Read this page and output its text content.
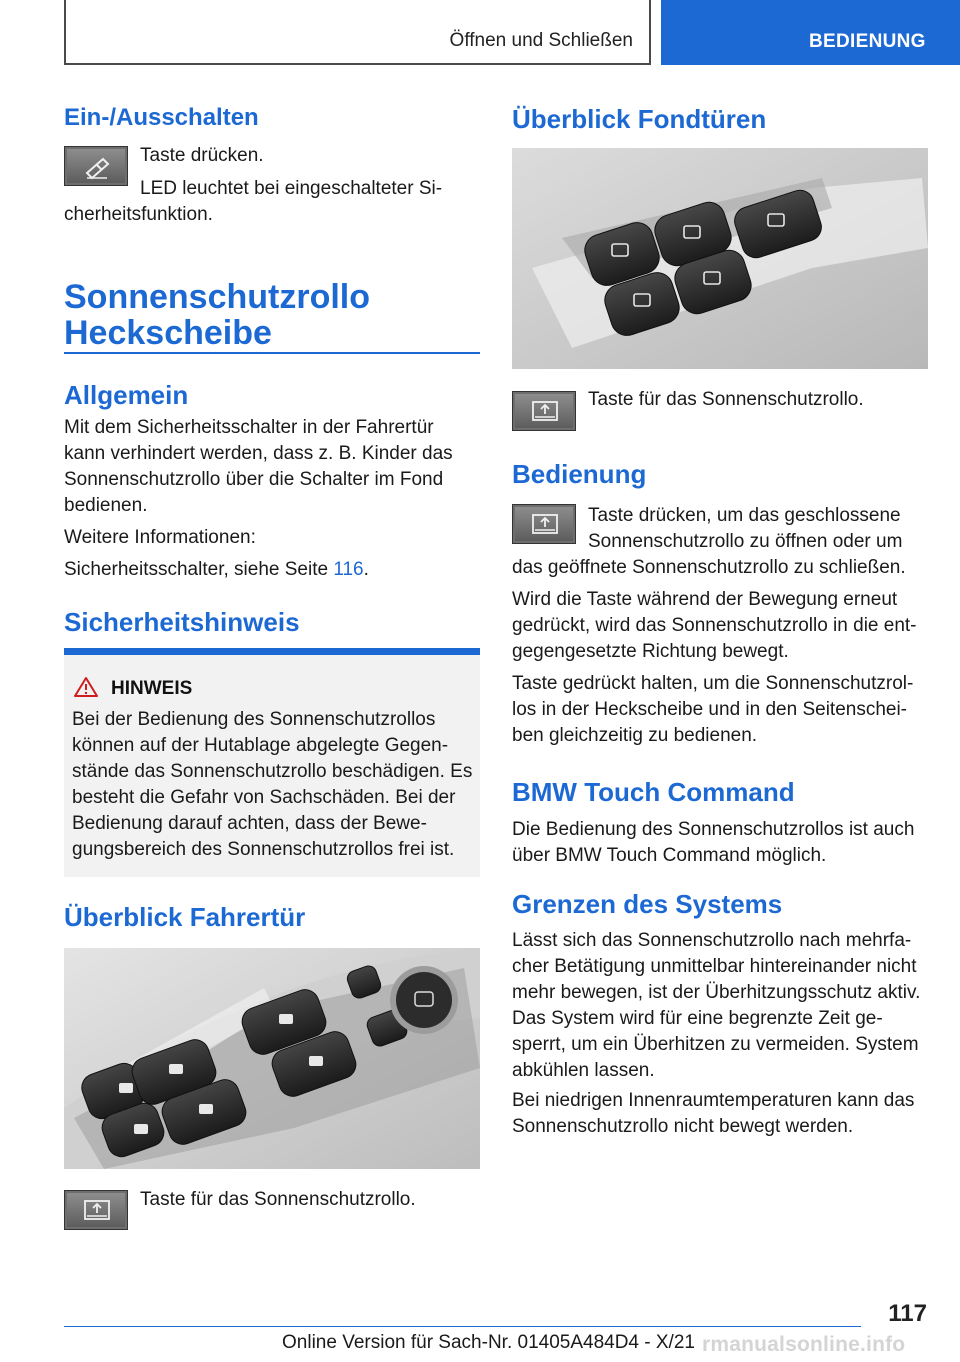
Öffnen und Schließen	BEDIENUNG
Ein-/Ausschalten
Taste drücken.
LED leuchtet bei eingeschalteter Si-
cherheitsfunktion.
Sonnenschutzrollo
Heckscheibe
Allgemein
Mit dem Sicherheitsschalter in der Fahrertür
kann verhindert werden, dass z. B. Kinder das
Sonnenschutzrollo über die Schalter im Fond
bedienen.
Weitere Informationen:
Sicherheitsschalter, siehe Seite 116.
Sicherheitshinweis
HINWEIS
Bei der Bedienung des Sonnenschutzrollos
können auf der Hutablage abgelegte Gegen-
stände das Sonnenschutzrollo beschädigen. Es
besteht die Gefahr von Sachschäden. Bei der
Bedienung darauf achten, dass der Bewe-
gungsbereich des Sonnenschutzrollos frei ist.
Überblick Fahrertür
Taste für das Sonnenschutzrollo.
Überblick Fondtüren
Taste für das Sonnenschutzrollo.
Bedienung
Taste drücken, um das geschlossene
Sonnenschutzrollo zu öffnen oder um
das geöffnete Sonnenschutzrollo zu schließen.
Wird die Taste während der Bewegung erneut
gedrückt, wird das Sonnenschutzrollo in die ent-
gegengesetzte Richtung bewegt.
Taste gedrückt halten, um die Sonnenschutzrol-
los in der Heckscheibe und in den Seitenschei-
ben gleichzeitig zu bedienen.
BMW Touch Command
Die Bedienung des Sonnenschutzrollos ist auch
über BMW Touch Command möglich.
Grenzen des Systems
Lässt sich das Sonnenschutzrollo nach mehrfa-
cher Betätigung unmittelbar hintereinander nicht
mehr bewegen, ist der Überhitzungsschutz aktiv.
Das System wird für eine begrenzte Zeit ge-
sperrt, um ein Überhitzen zu vermeiden. System
abkühlen lassen.
Bei niedrigen Innenraumtemperaturen kann das
Sonnenschutzrollo nicht bewegt werden.
117
Online Version für Sach-Nr. 01405A484D4 - X/21 rmanualsonline.info
